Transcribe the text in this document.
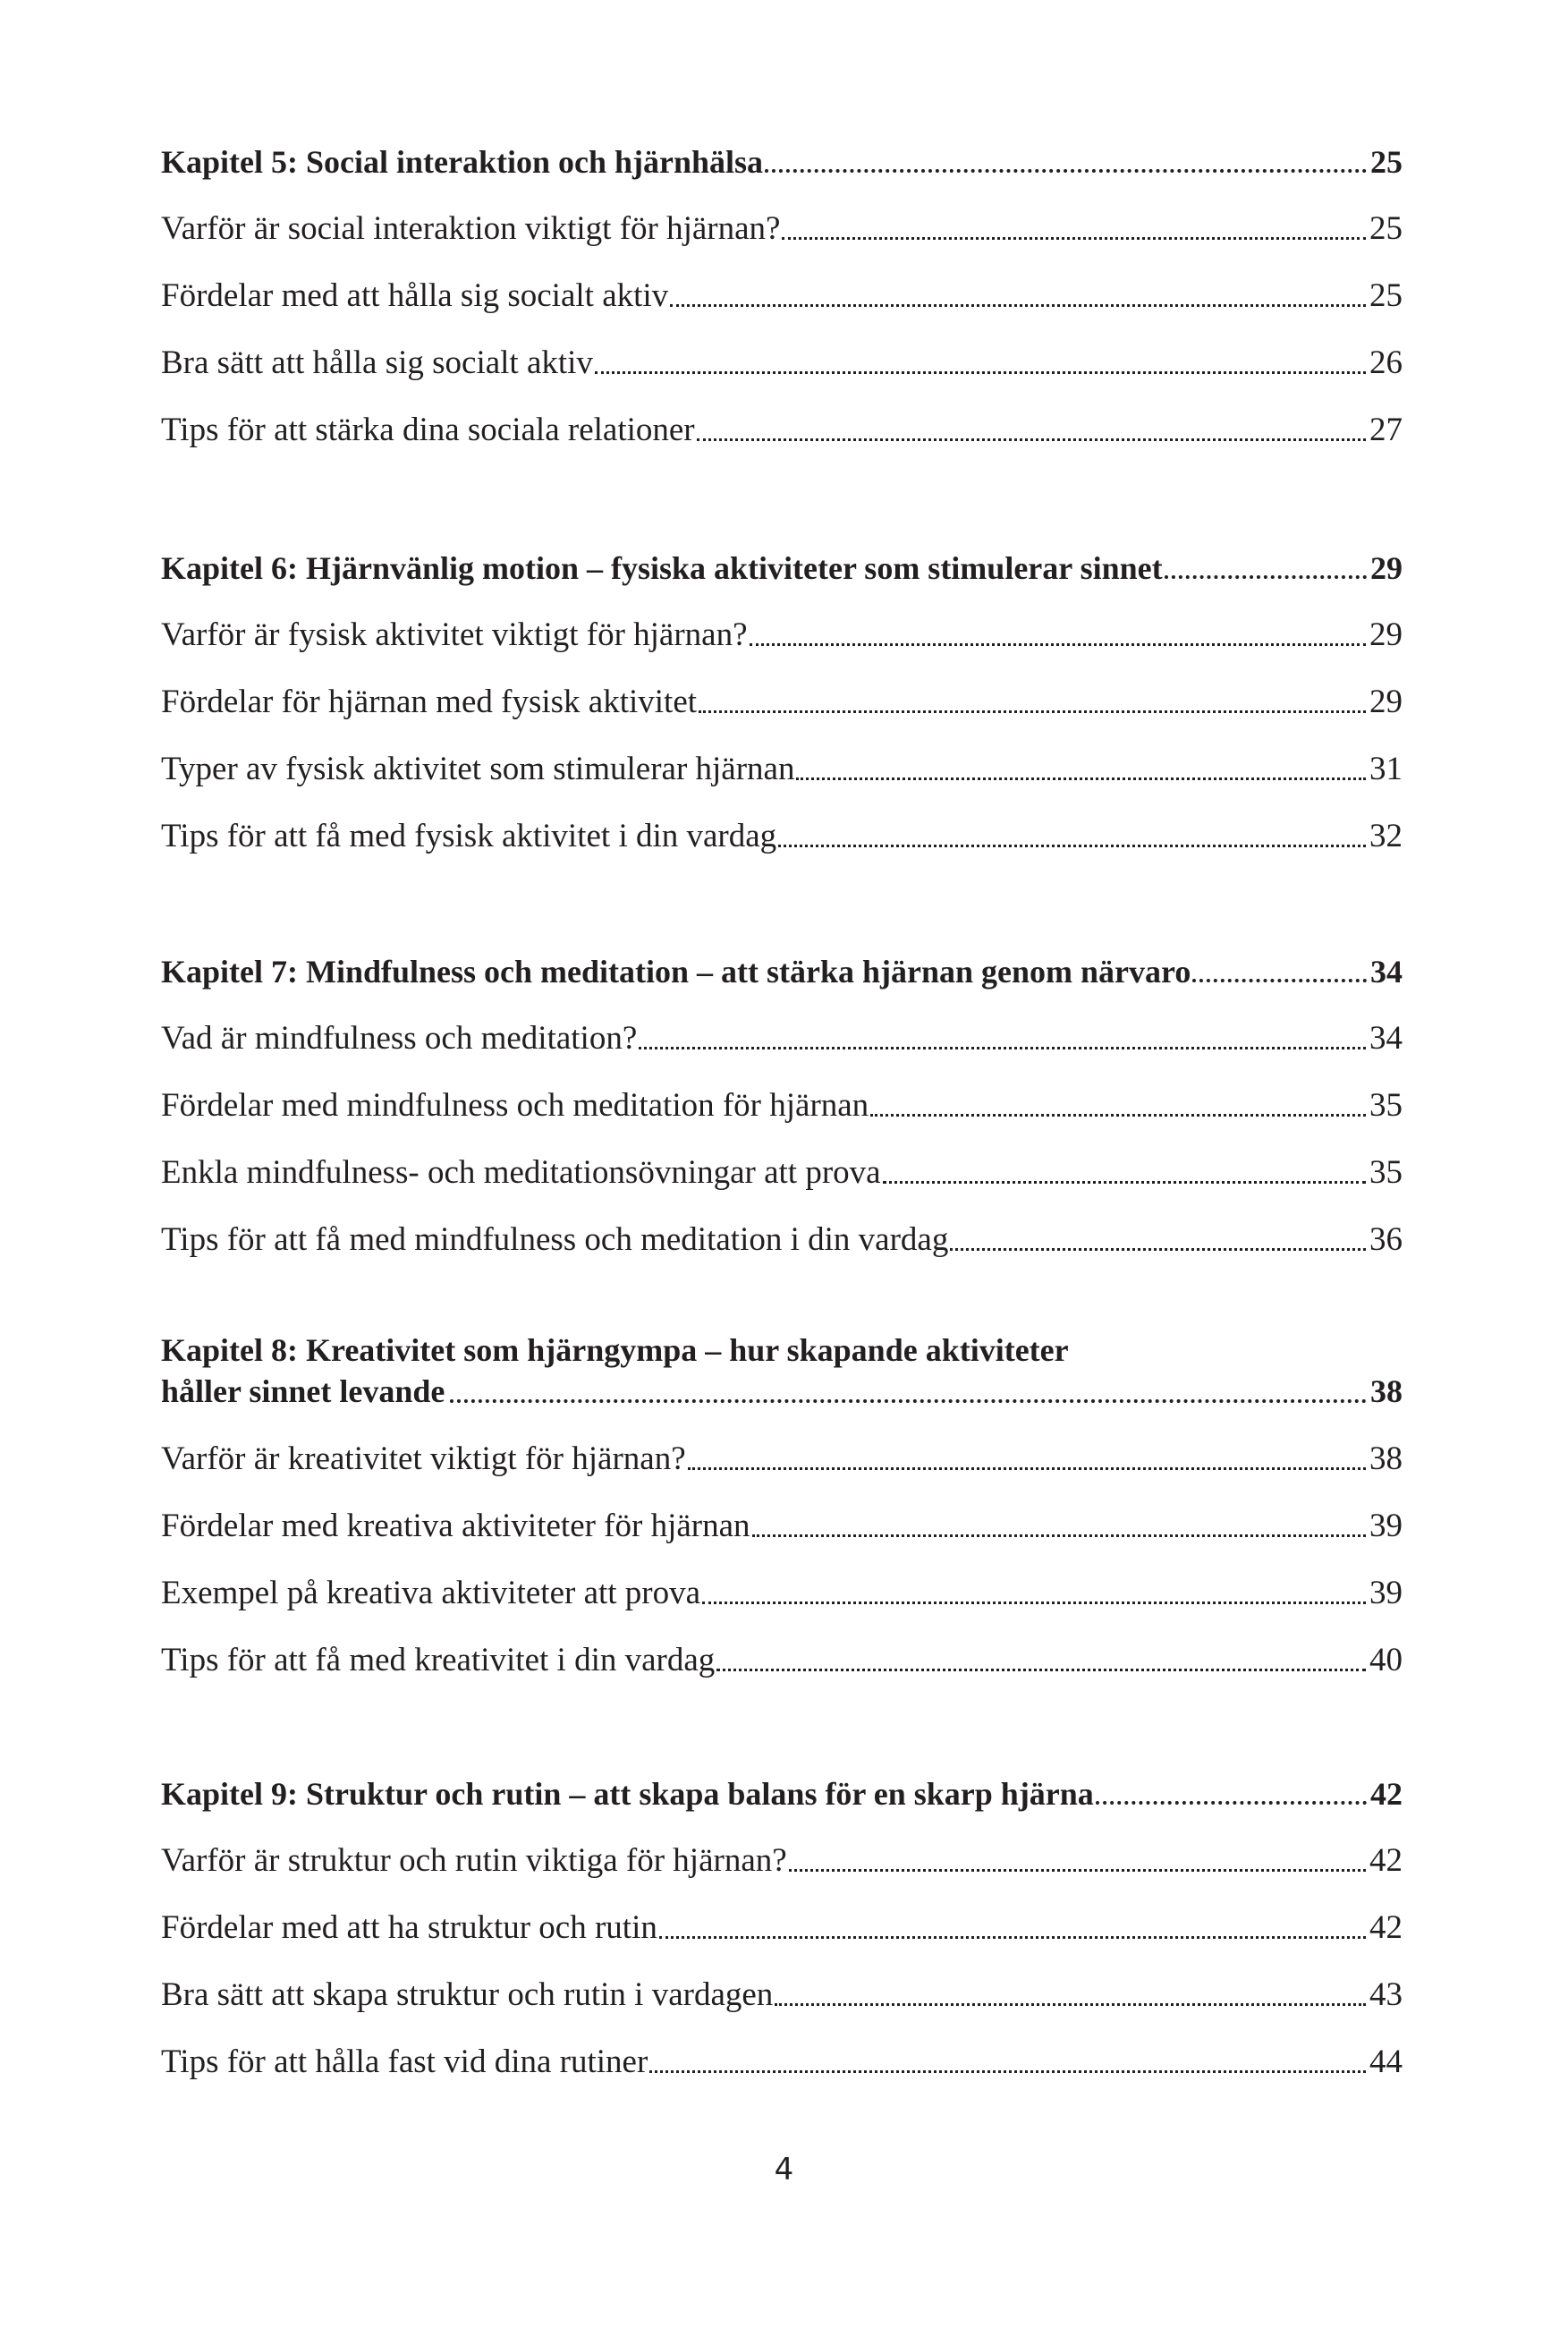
Kapitel 5: Social interaktion och hjärnhälsa	25
Varför är social interaktion viktigt för hjärnan?	25
Fördelar med att hålla sig socialt aktiv	25
Bra sätt att hålla sig socialt aktiv	26
Tips för att stärka dina sociala relationer	27
Kapitel 6: Hjärnvänlig motion – fysiska aktiviteter som stimulerar sinnet	29
Varför är fysisk aktivitet viktigt för hjärnan?	29
Fördelar för hjärnan med fysisk aktivitet	29
Typer av fysisk aktivitet som stimulerar hjärnan	31
Tips för att få med fysisk aktivitet i din vardag	32
Kapitel 7: Mindfulness och meditation – att stärka hjärnan genom närvaro	34
Vad är mindfulness och meditation?	34
Fördelar med mindfulness och meditation för hjärnan	35
Enkla mindfulness- och meditationsövningar att prova	35
Tips för att få med mindfulness och meditation i din vardag	36
Kapitel 8: Kreativitet som hjärngympa – hur skapande aktiviteter
håller sinnet levande	38
Varför är kreativitet viktigt för hjärnan?	38
Fördelar med kreativa aktiviteter för hjärnan	39
Exempel på kreativa aktiviteter att prova	39
Tips för att få med kreativitet i din vardag	40
Kapitel 9: Struktur och rutin – att skapa balans för en skarp hjärna	42
Varför är struktur och rutin viktiga för hjärnan?	42
Fördelar med att ha struktur och rutin	42
Bra sätt att skapa struktur och rutin i vardagen	43
Tips för att hålla fast vid dina rutiner	44
4
